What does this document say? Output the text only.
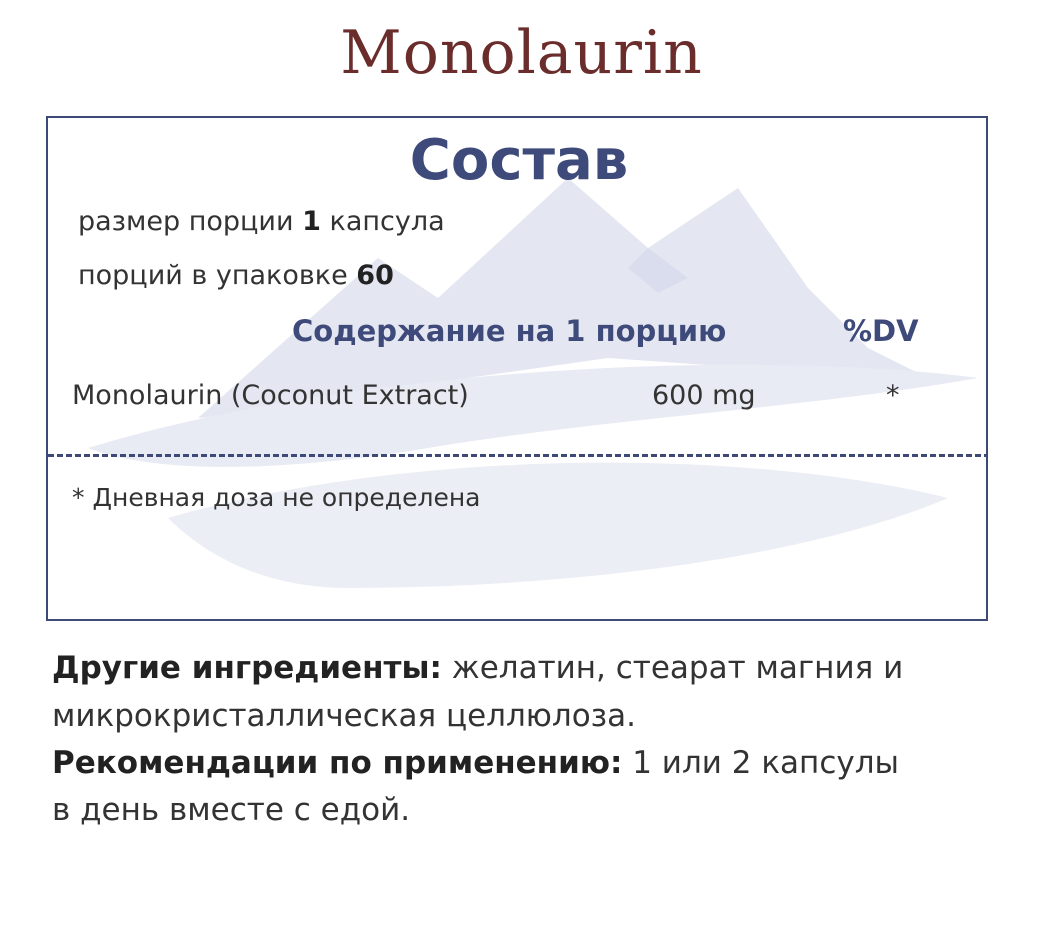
Monolaurin
Состав
размер порции 1 капсула
порций в упаковке 60
Содержание на 1 порцию	%DV
Monolaurin (Coconut Extract)	600 mg	*
* Дневная доза не определена
Другие ингредиенты: желатин, стеарат магния и
микрокристаллическая целлюлоза.
Рекомендации по применению: 1 или 2 капсулы
в день вместе с едой.
